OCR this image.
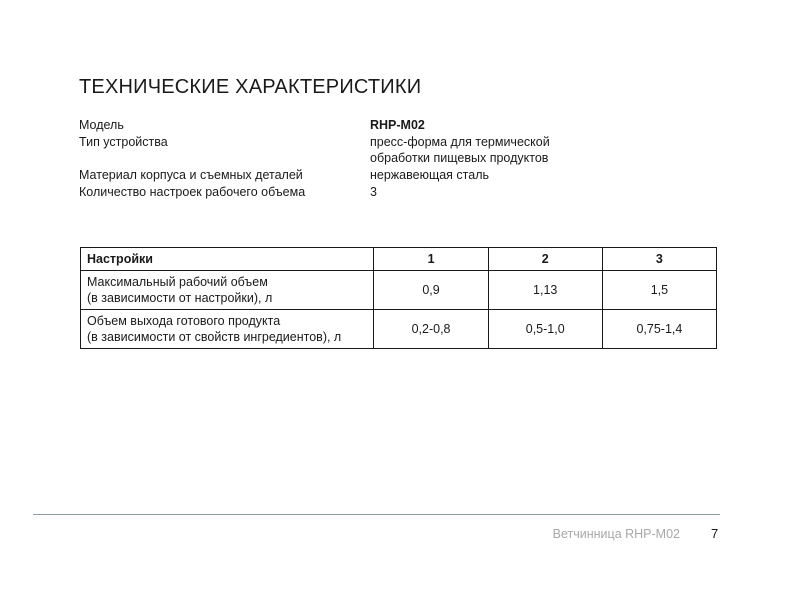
ТЕХНИЧЕСКИЕ ХАРАКТЕРИСТИКИ
Модель	RHP-M02
Тип устройства	пресс-форма для термической
обработки пищевых продуктов
Материал корпуса и съемных деталей	нержавеющая сталь
Количество настроек рабочего объема	3
Настройки	1	2	3

Максимальный рабочий объем
(в зависимости от настройки), л	0,9	1,13	1,5

Объем выхода готового продукта
(в зависимости от свойств ингредиентов), л	0,2-0,8	0,5-1,0	0,75-1,4
Ветчинница RHP-M02 7
